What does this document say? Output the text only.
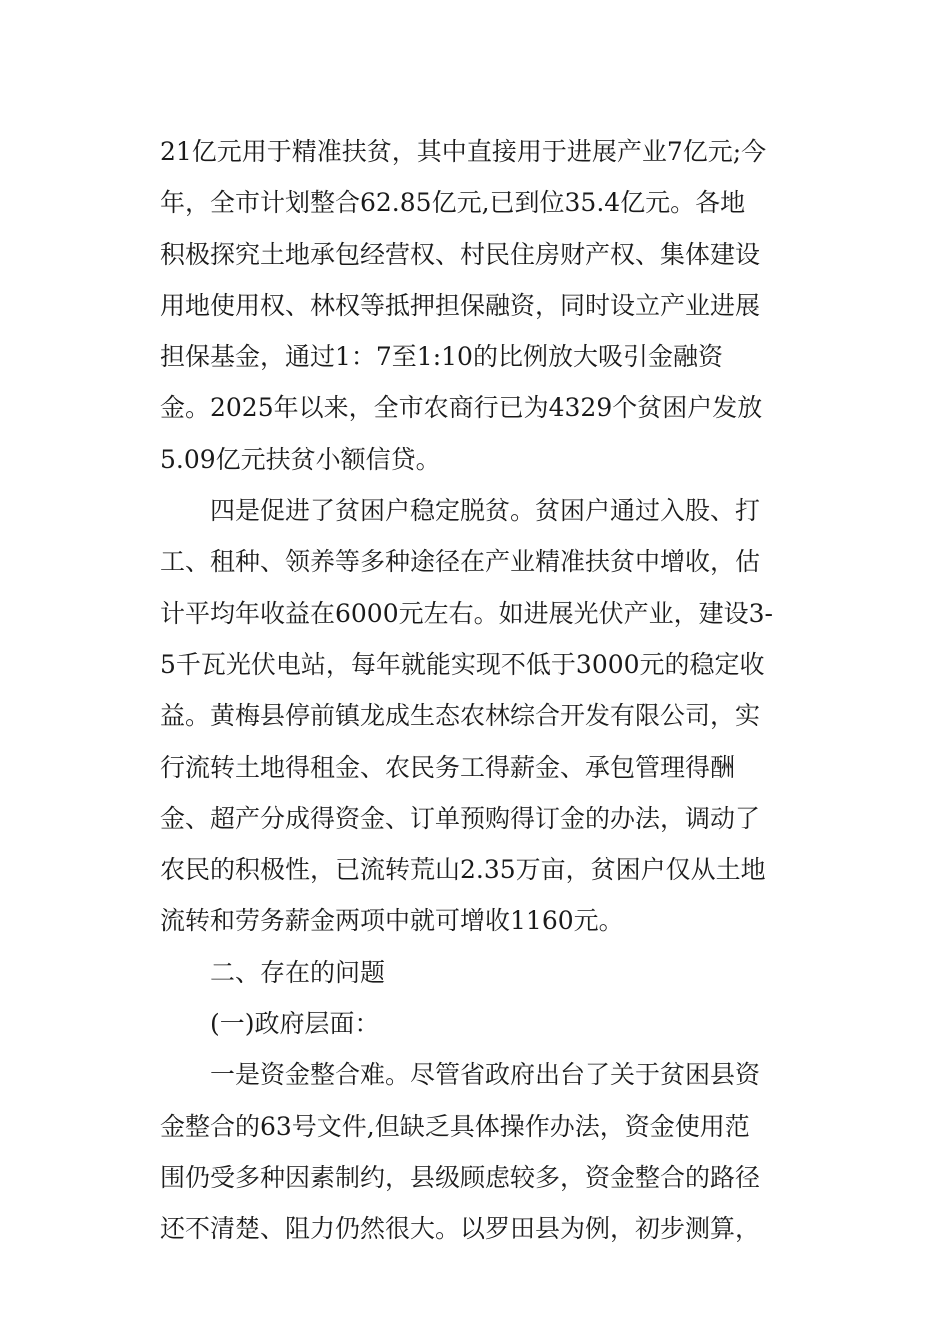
21亿元用于精准扶贫，其中直接用于进展产业7亿元;今
年，全市计划整合62.85亿元,已到位35.4亿元。各地
积极探究土地承包经营权、村民住房财产权、集体建设
用地使用权、林权等抵押担保融资，同时设立产业进展
担保基金，通过1：7至1:10的比例放大吸引金融资
金。2025年以来，全市农商行已为4329个贫困户发放
5.09亿元扶贫小额信贷。
　　四是促进了贫困户稳定脱贫。贫困户通过入股、打
工、租种、领养等多种途径在产业精准扶贫中增收，估
计平均年收益在6000元左右。如进展光伏产业，建设3-
5千瓦光伏电站，每年就能实现不低于3000元的稳定收
益。黄梅县停前镇龙成生态农林综合开发有限公司，实
行流转土地得租金、农民务工得薪金、承包管理得酬
金、超产分成得资金、订单预购得订金的办法，调动了
农民的积极性，已流转荒山2.35万亩，贫困户仅从土地
流转和劳务薪金两项中就可增收1160元。
　　二、存在的问题
　　(一)政府层面：
　　一是资金整合难。尽管省政府出台了关于贫困县资
金整合的63号文件,但缺乏具体操作办法，资金使用范
围仍受多种因素制约，县级顾虑较多，资金整合的路径
还不清楚、阻力仍然很大。以罗田县为例，初步测算，
